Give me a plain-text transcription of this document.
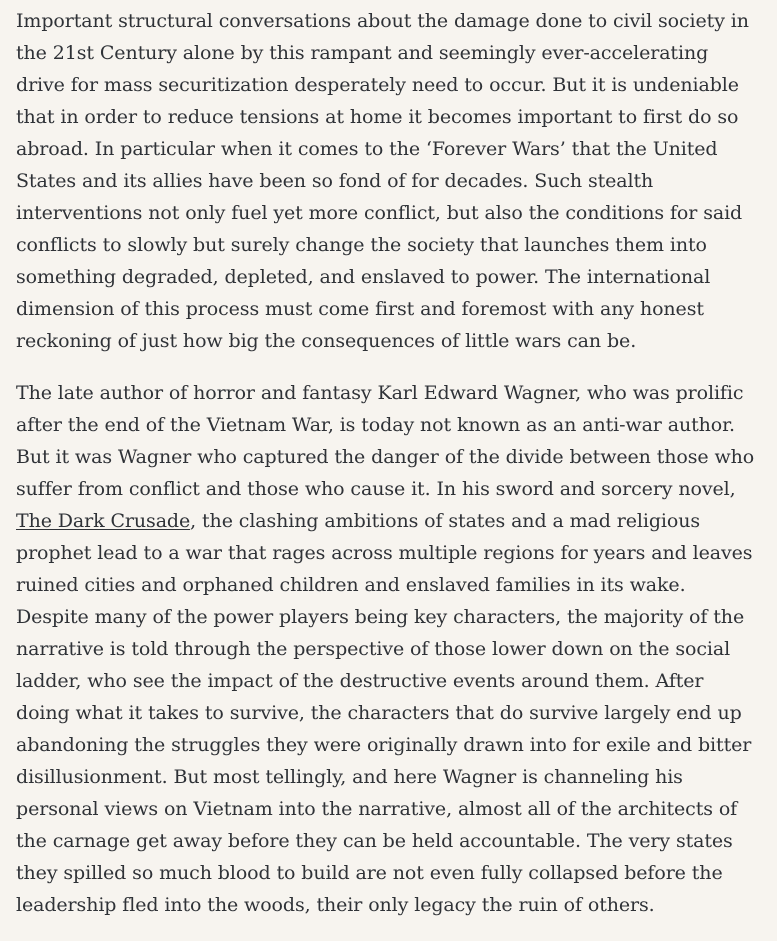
Important structural conversations about the damage done to civil society in the 21st Century alone by this rampant and seemingly ever-accelerating drive for mass securitization desperately need to occur. But it is undeniable that in order to reduce tensions at home it becomes important to first do so abroad. In particular when it comes to the ‘Forever Wars’ that the United States and its allies have been so fond of for decades. Such stealth interventions not only fuel yet more conflict, but also the conditions for said conflicts to slowly but surely change the society that launches them into something degraded, depleted, and enslaved to power. The international dimension of this process must come first and foremost with any honest reckoning of just how big the consequences of little wars can be.

The late author of horror and fantasy Karl Edward Wagner, who was prolific after the end of the Vietnam War, is today not known as an anti-war author. But it was Wagner who captured the danger of the divide between those who suffer from conflict and those who cause it. In his sword and sorcery novel, The Dark Crusade, the clashing ambitions of states and a mad religious prophet lead to a war that rages across multiple regions for years and leaves ruined cities and orphaned children and enslaved families in its wake. Despite many of the power players being key characters, the majority of the narrative is told through the perspective of those lower down on the social ladder, who see the impact of the destructive events around them. After doing what it takes to survive, the characters that do survive largely end up abandoning the struggles they were originally drawn into for exile and bitter disillusionment. But most tellingly, and here Wagner is channeling his personal views on Vietnam into the narrative, almost all of the architects of the carnage get away before they can be held accountable. The very states they spilled so much blood to build are not even fully collapsed before the leadership fled into the woods, their only legacy the ruin of others.
